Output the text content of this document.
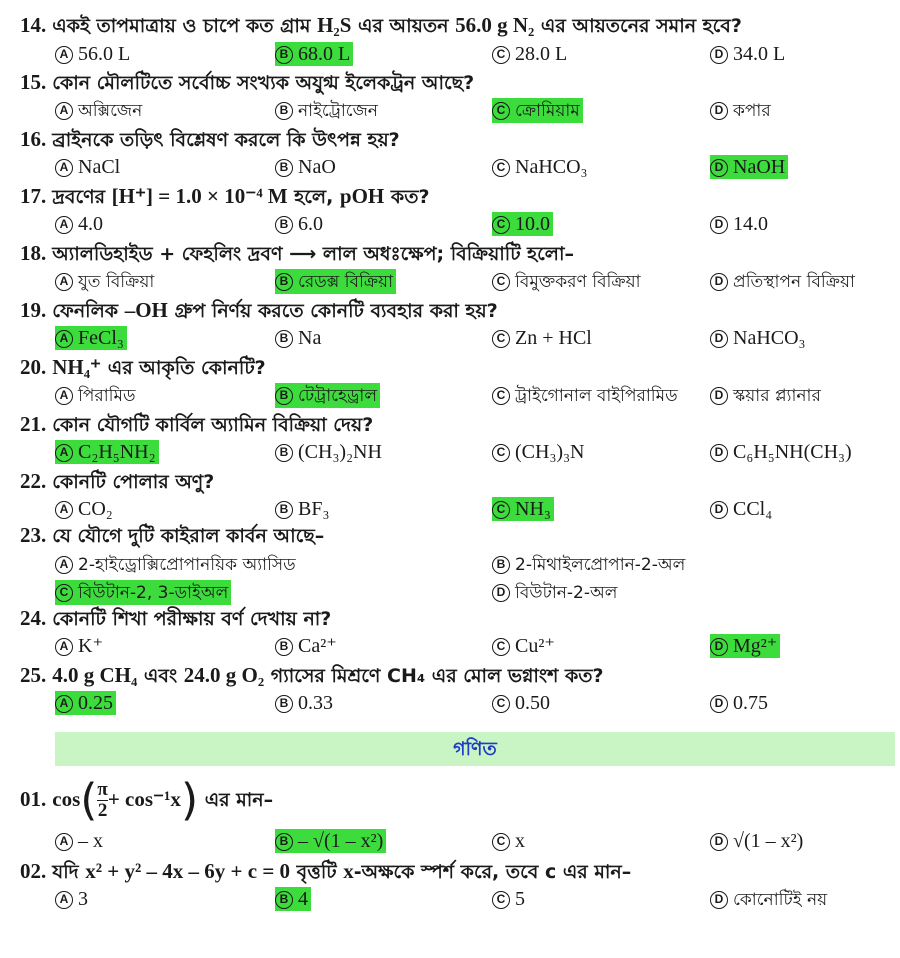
14. একই তাপমাত্রায় ও চাপে কত গ্রাম H₂S এর আয়তন 56.0 g N₂ এর আয়তনের সমান হবে?
A 56.0 L	B 68.0 L	C 28.0 L	D 34.0 L
15. কোন মৌলটিতে সর্বোচ্চ সংখ্যক অযুগ্ম ইলেকট্রন আছে?
A অক্সিজেন	B নাইট্রোজেন	C ক্রোমিয়াম	D কপার
16. ব্রাইনকে তড়িৎ বিশ্লেষণ করলে কি উৎপন্ন হয়?
A NaCl	B NaO	C NaHCO₃	D NaOH
17. দ্রবণের [H⁺] = 1.0 × 10⁻⁴ M হলে, pOH কত?
A 4.0	B 6.0	C 10.0	D 14.0
18. অ্যালডিহাইড + ফেহলিং দ্রবণ ⟶ লাল অধঃক্ষেপ; বিক্রিয়াটি হলো–
A যুত বিক্রিয়া	B রেডক্স বিক্রিয়া	C বিমুক্তকরণ বিক্রিয়া	D প্রতিস্থাপন বিক্রিয়া
19. ফেনলিক –OH গ্রুপ নির্ণয় করতে কোনটি ব্যবহার করা হয়?
A FeCl₃	B Na	C Zn + HCl	D NaHCO₃
20. NH₄⁺ এর আকৃতি কোনটি?
A পিরামিড	B টেট্রাহেড্রাল	C ট্রাইগোনাল বাইপিরামিড	D স্কয়ার প্ল্যানার
21. কোন যৌগটি কার্বিল অ্যামিন বিক্রিয়া দেয়?
A C₂H₅NH₂	B (CH₃)₂NH	C (CH₃)₃N	D C₆H₅NH(CH₃)
22. কোনটি পোলার অণু?
A CO₂	B BF₃	C NH₃	D CCl₄
23. যে যৌগে দুটি কাইরাল কার্বন আছে–
A 2-হাইড্রোক্সিপ্রোপানয়িক অ্যাসিড	B 2-মিথাইলপ্রোপান-2-অল
C বিউটান-2, 3-ডাইঅল	D বিউটান-2-অল
24. কোনটি শিখা পরীক্ষায় বর্ণ দেখায় না?
A K⁺	B Ca²⁺	C Cu²⁺	D Mg²⁺
25. 4.0 g CH₄ এবং 24.0 g O₂ গ্যাসের মিশ্রণে CH₄ এর মোল ভগ্নাংশ কত?
A 0.25	B 0.33	C 0.50	D 0.75
গণিত
01. $\cos( \frac{\pi}{2} + \cos^{-1}x)$ এর মান–
A – x	B – √(1 – x²)	C x	D √(1 – x²)
02. যদি x² + y² – 4x – 6y + c = 0 বৃত্তটি x-অক্ষকে স্পর্শ করে, তবে c এর মান–
A 3	B 4	C 5	D কোনোটিই নয়
